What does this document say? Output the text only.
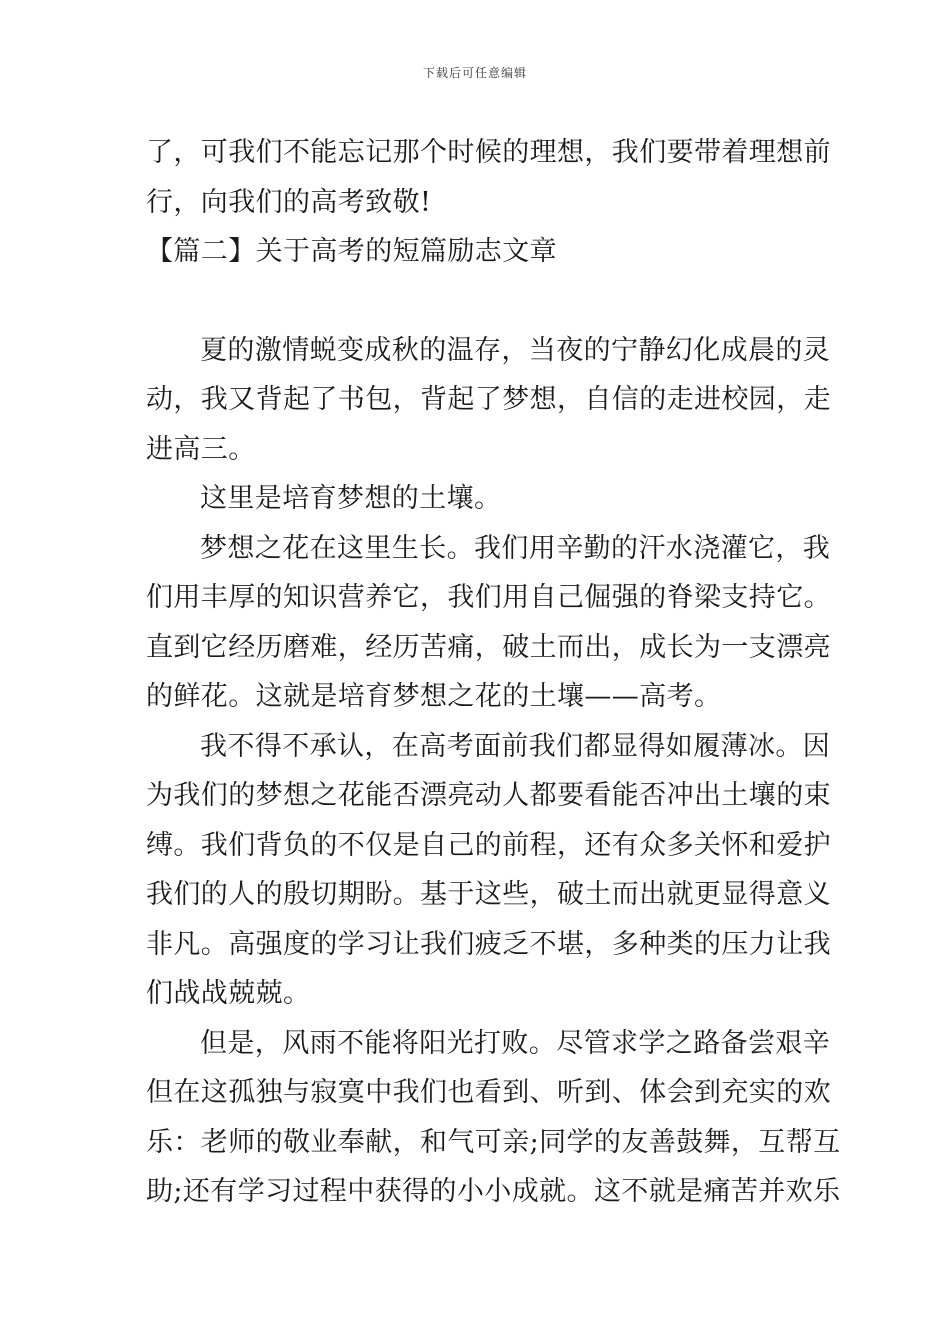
下载后可任意编辑
了，可我们不能忘记那个时候的理想，我们要带着理想前
行，向我们的高考致敬!
【篇二】关于高考的短篇励志文章
夏的激情蜕变成秋的温存，当夜的宁静幻化成晨的灵
动，我又背起了书包，背起了梦想，自信的走进校园，走
进高三。
这里是培育梦想的土壤。
梦想之花在这里生长。我们用辛勤的汗水浇灌它，我
们用丰厚的知识营养它，我们用自己倔强的脊梁支持它。
直到它经历磨难，经历苦痛，破土而出，成长为一支漂亮
的鲜花。这就是培育梦想之花的土壤——高考。
我不得不承认，在高考面前我们都显得如履薄冰。因
为我们的梦想之花能否漂亮动人都要看能否冲出土壤的束
缚。我们背负的不仅是自己的前程，还有众多关怀和爱护
我们的人的殷切期盼。基于这些，破土而出就更显得意义
非凡。高强度的学习让我们疲乏不堪，多种类的压力让我
们战战兢兢。
但是，风雨不能将阳光打败。尽管求学之路备尝艰辛
但在这孤独与寂寞中我们也看到、听到、体会到充实的欢
乐：老师的敬业奉献，和气可亲;同学的友善鼓舞，互帮互
助;还有学习过程中获得的小小成就。这不就是痛苦并欢乐
